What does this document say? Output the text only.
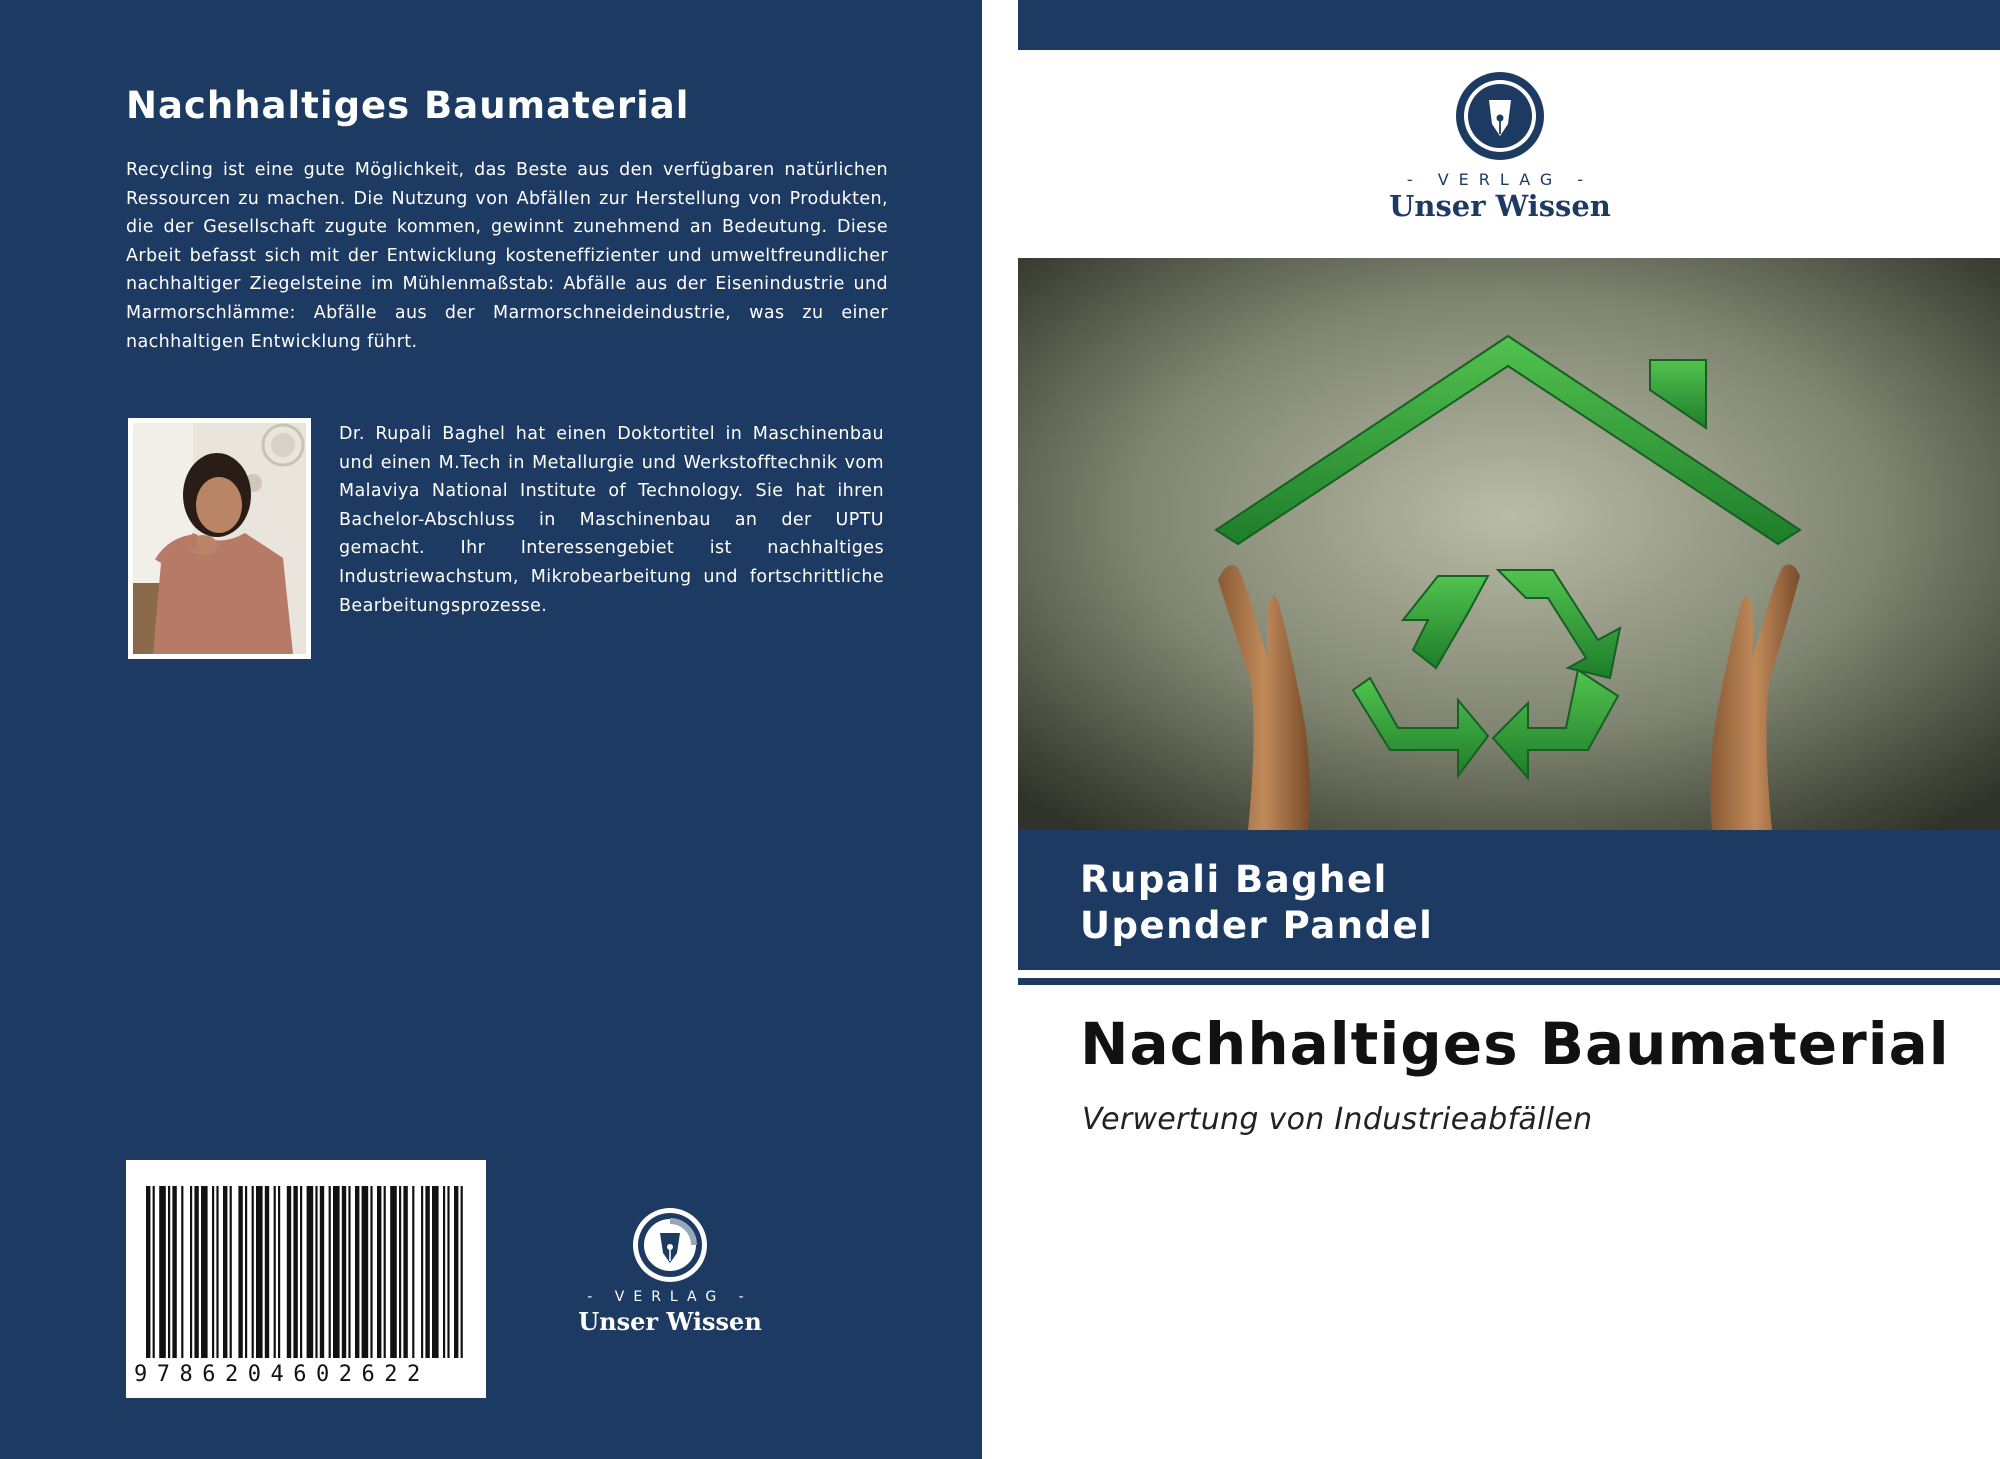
Nachhaltiges Baumaterial

Recycling ist eine gute Möglichkeit, das Beste aus den verfügbaren natürlichen Ressourcen zu machen. Die Nutzung von Abfällen zur Herstellung von Produkten, die der Gesellschaft zugute kommen, gewinnt zunehmend an Bedeutung. Diese Arbeit befasst sich mit der Entwicklung kosteneffizienter und umweltfreundlicher nachhaltiger Ziegelsteine im Mühlenmaßstab: Abfälle aus der Eisenindustrie und Marmorschlämme: Abfälle aus der Marmorschneideindustrie, was zu einer nachhaltigen Entwicklung führt.

Dr. Rupali Baghel hat einen Doktortitel in Maschinenbau und einen M.Tech in Metallurgie und Werkstofftechnik vom Malaviya National Institute of Technology. Sie hat ihren Bachelor-Abschluss in Maschinenbau an der UPTU gemacht. Ihr Interessengebiet ist nachhaltiges Industriewachstum, Mikrobearbeitung und fortschrittliche Bearbeitungsprozesse.

9786204602622
- VERLAG -
Unser Wissen
- VERLAG -
Unser Wissen
Rupali Baghel
Upender Pandel
Nachhaltiges Baumaterial
Verwertung von Industrieabfällen
